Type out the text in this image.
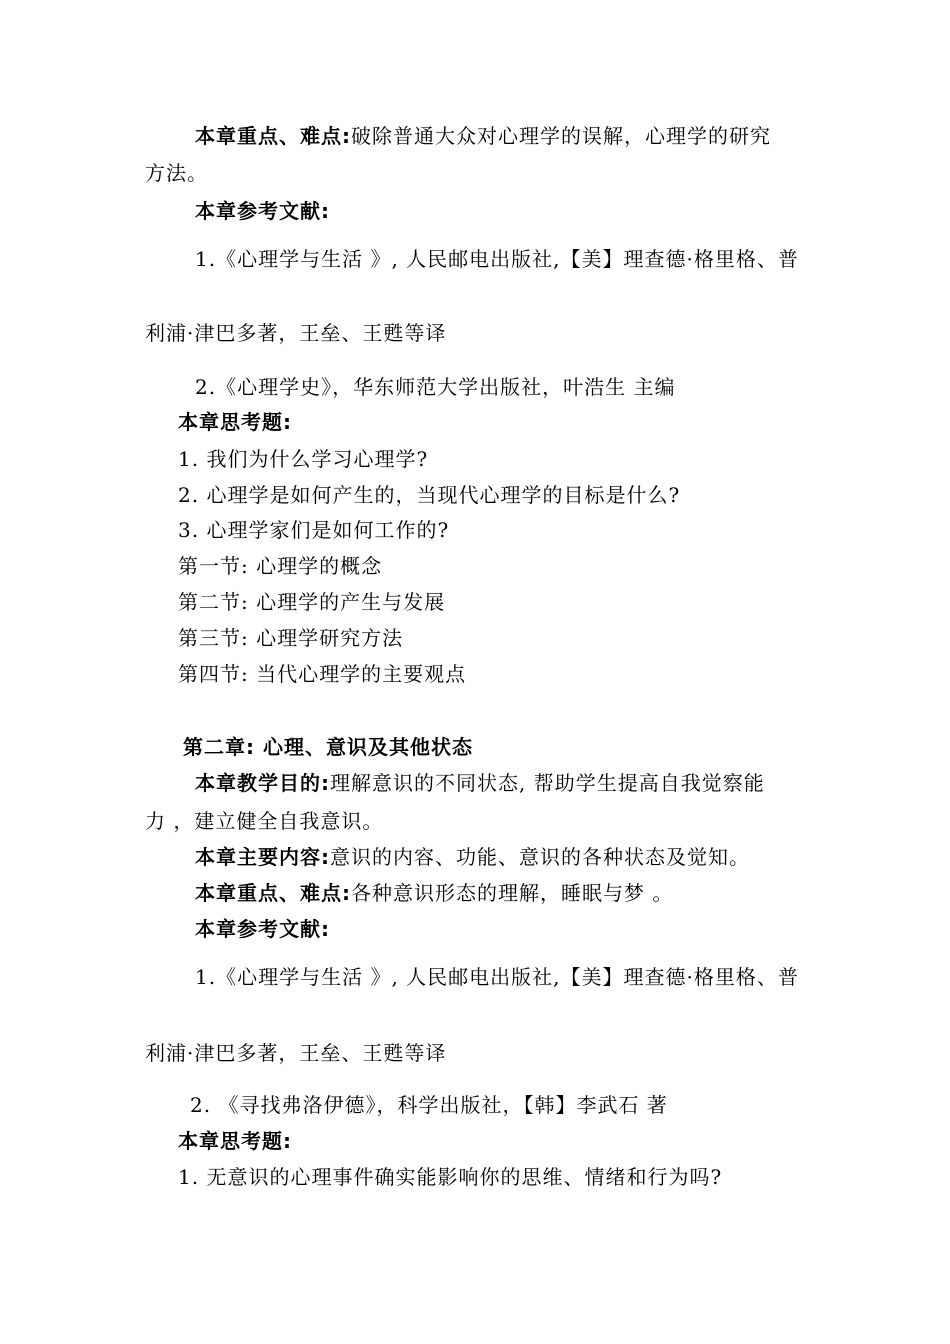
本章重点、难点:破除普通大众对心理学的误解，心理学的研究
方法。
本章参考文献:
1.《心理学与生活 》, 人民邮电出版社,【美】理查德·格里格、普
利浦·津巴多著，王垒、王甦等译
2.《心理学史》，华东师范大学出版社，叶浩生 主编
本章思考题:
1. 我们为什么学习心理学?
2. 心理学是如何产生的，当现代心理学的目标是什么?
3. 心理学家们是如何工作的?
第一节: 心理学的概念
第二节: 心理学的产生与发展
第三节: 心理学研究方法
第四节: 当代心理学的主要观点
第二章: 心理、意识及其他状态
本章教学目的:理解意识的不同状态, 帮助学生提高自我觉察能
力 ，建立健全自我意识。
本章主要内容:意识的内容、功能、意识的各种状态及觉知。
本章重点、难点:各种意识形态的理解，睡眠与梦 。
本章参考文献:
1.《心理学与生活 》, 人民邮电出版社,【美】理查德·格里格、普
利浦·津巴多著，王垒、王甦等译
2. 《寻找弗洛伊德》，科学出版社，【韩】李武石 著
本章思考题:
1. 无意识的心理事件确实能影响你的思维、情绪和行为吗?
